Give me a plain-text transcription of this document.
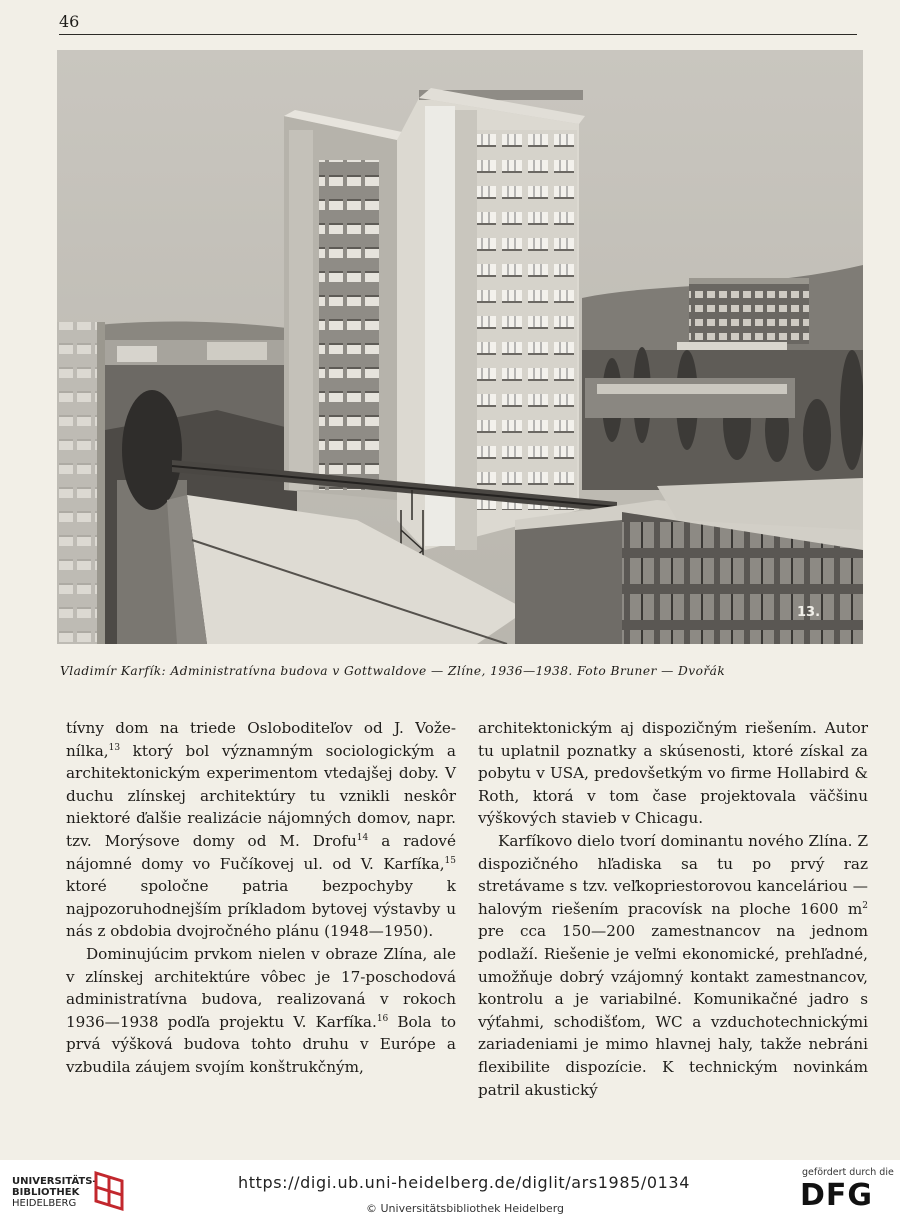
46
13.
Vladimír Karfík: Administratívna budova v Gottwaldove — Zlíne, 1936—1938. Foto Bruner — Dvořák

tívny dom na triede Osloboditeľov od J. Vože-nílka,$^{13}$ ktorý bol významným sociologickým a architektonickým experimentom vtedajšej doby. V duchu zlínskej architektúry tu vznikli neskôr niektoré ďalšie realizácie nájomných domov, napr. tzv. Morýsove domy od M. Drofu$^{14}$ a radové nájomné domy vo Fučíkovej ul. od V. Karfíka,$^{15}$ ktoré spoločne patria bezpochyby k najpozoruhodnejším príkladom bytovej výstavby u nás z obdobia dvojročného plánu (1948—1950).

Dominujúcim prvkom nielen v obraze Zlína, ale v zlínskej architektúre vôbec je 17-poschodová administratívna budova, realizovaná v rokoch 1936—1938 podľa projektu V. Karfíka.$^{16}$ Bola to prvá výšková budova tohto druhu v Európe a vzbudila záujem svojím konštrukčným,

architektonickým aj dispozičným riešením. Autor tu uplatnil poznatky a skúsenosti, ktoré získal za pobytu v USA, predovšetkým vo firme Hollabird & Roth, ktorá v tom čase projektovala väčšinu výškových stavieb v Chicagu.

Karfíkovo dielo tvorí dominantu nového Zlína. Z dispozičného hľadiska sa tu po prvý raz stretávame s tzv. veľkopriestorovou kanceláriou — halovým riešením pracovísk na ploche 1600 $m^2$ pre cca 150—200 zamestnancov na jednom podlaží. Riešenie je veľmi ekonomické, prehľadné, umožňuje dobrý vzájomný kontakt zamestnancov, kontrolu a je variabilné. Komunikačné jadro s výťahmi, schodišťom, WC a vzduchotechnickými zariadeniami je mimo hlavnej haly, takže nebráni flexibilite dispozície. K technickým novinkám patril akustický

UNIVERSITÄTS-
BIBLIOTHEK
HEIDELBERG
https://digi.ub.uni-heidelberg.de/diglit/ars1985/0134
© Universitätsbibliothek Heidelberg
gefördert durch die
DFG
